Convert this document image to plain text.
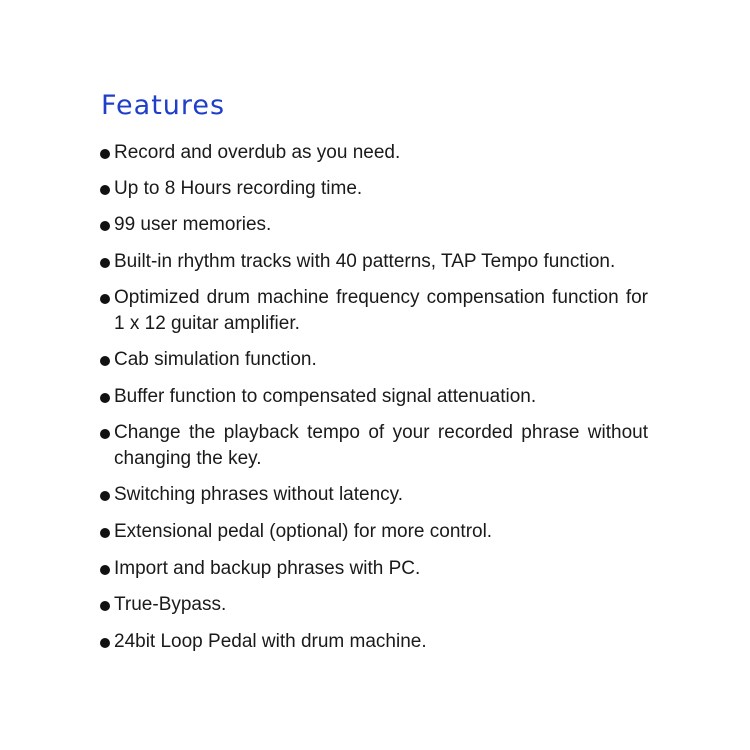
Features
Record and overdub as you need.
Up to 8 Hours recording time.
99 user memories.
Built-in rhythm tracks with 40 patterns, TAP Tempo function.
Optimized drum machine frequency compensation function for 1 x 12 guitar amplifier.
Cab simulation function.
Buffer function to compensated signal attenuation.
Change the playback tempo of your recorded phrase without changing the key.
Switching phrases without latency.
Extensional pedal (optional) for more control.
Import and backup phrases with PC.
True-Bypass.
24bit Loop Pedal with drum machine.
